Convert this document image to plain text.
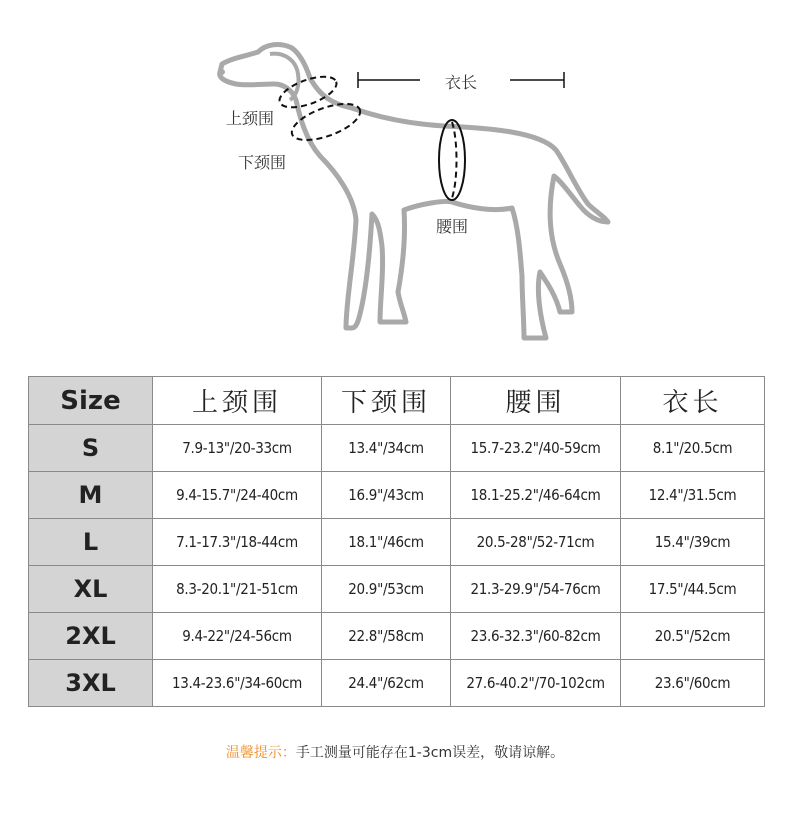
衣长
上颈围
下颈围
腰围
Size	上颈围	下颈围	腰围	衣长
S	7.9-13"/20-33cm	13.4"/34cm	15.7-23.2"/40-59cm	8.1"/20.5cm
M	9.4-15.7"/24-40cm	16.9"/43cm	18.1-25.2"/46-64cm	12.4"/31.5cm
L	7.1-17.3"/18-44cm	18.1"/46cm	20.5-28"/52-71cm	15.4"/39cm
XL	8.3-20.1"/21-51cm	20.9"/53cm	21.3-29.9"/54-76cm	17.5"/44.5cm
2XL	9.4-22"/24-56cm	22.8"/58cm	23.6-32.3"/60-82cm	20.5"/52cm
3XL	13.4-23.6"/34-60cm	24.4"/62cm	27.6-40.2"/70-102cm	23.6"/60cm
温馨提示：手工测量可能存在1-3cm误差，敬请谅解。
